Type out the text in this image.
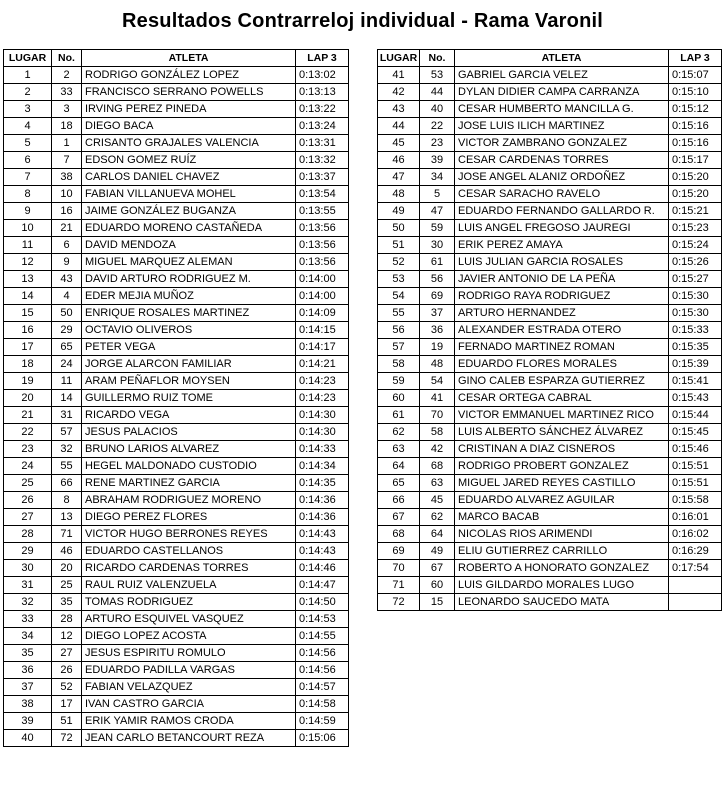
Resultados Contrarreloj individual - Rama Varonil
LUGAR	No.	ATLETA	LAP 3
1	2	RODRIGO GONZÁLEZ LOPEZ	0:13:02
2	33	FRANCISCO SERRANO POWELLS	0:13:13
3	3	IRVING PEREZ PINEDA	0:13:22
4	18	DIEGO BACA	0:13:24
5	1	CRISANTO GRAJALES VALENCIA	0:13:31
6	7	EDSON GOMEZ RUÍZ	0:13:32
7	38	CARLOS DANIEL CHAVEZ	0:13:37
8	10	FABIAN VILLANUEVA MOHEL	0:13:54
9	16	JAIME GONZÁLEZ BUGANZA	0:13:55
10	21	EDUARDO MORENO CASTAÑEDA	0:13:56
11	6	DAVID MENDOZA	0:13:56
12	9	MIGUEL MARQUEZ ALEMAN	0:13:56
13	43	DAVID ARTURO RODRIGUEZ M.	0:14:00
14	4	EDER MEJIA MUÑOZ	0:14:00
15	50	ENRIQUE ROSALES MARTINEZ	0:14:09
16	29	OCTAVIO OLIVEROS	0:14:15
17	65	PETER VEGA	0:14:17
18	24	JORGE ALARCON FAMILIAR	0:14:21
19	11	ARAM PEÑAFLOR MOYSEN	0:14:23
20	14	GUILLERMO RUIZ TOME	0:14:23
21	31	RICARDO VEGA	0:14:30
22	57	JESUS PALACIOS	0:14:30
23	32	BRUNO LARIOS ALVAREZ	0:14:33
24	55	HEGEL MALDONADO CUSTODIO	0:14:34
25	66	RENE MARTINEZ GARCIA	0:14:35
26	8	ABRAHAM RODRIGUEZ MORENO	0:14:36
27	13	DIEGO PEREZ FLORES	0:14:36
28	71	VICTOR HUGO BERRONES REYES	0:14:43
29	46	EDUARDO CASTELLANOS	0:14:43
30	20	RICARDO CARDENAS TORRES	0:14:46
31	25	RAUL RUIZ VALENZUELA	0:14:47
32	35	TOMAS RODRIGUEZ	0:14:50
33	28	ARTURO ESQUIVEL VASQUEZ	0:14:53
34	12	DIEGO LOPEZ ACOSTA	0:14:55
35	27	JESUS ESPIRITU ROMULO	0:14:56
36	26	EDUARDO PADILLA VARGAS	0:14:56
37	52	FABIAN VELAZQUEZ	0:14:57
38	17	IVAN CASTRO GARCIA	0:14:58
39	51	ERIK YAMIR RAMOS CRODA	0:14:59
40	72	JEAN CARLO BETANCOURT REZA	0:15:06
LUGAR	No.	ATLETA	LAP 3
41	53	GABRIEL GARCIA VELEZ	0:15:07
42	44	DYLAN DIDIER CAMPA CARRANZA	0:15:10
43	40	CESAR HUMBERTO MANCILLA G.	0:15:12
44	22	JOSE LUIS ILICH MARTINEZ	0:15:16
45	23	VICTOR ZAMBRANO GONZALEZ	0:15:16
46	39	CESAR CARDENAS TORRES	0:15:17
47	34	JOSE ANGEL ALANIZ ORDOÑEZ	0:15:20
48	5	CESAR SARACHO RAVELO	0:15:20
49	47	EDUARDO FERNANDO GALLARDO R.	0:15:21
50	59	LUIS ANGEL FREGOSO JAUREGI	0:15:23
51	30	ERIK PEREZ AMAYA	0:15:24
52	61	LUIS JULIAN GARCIA ROSALES	0:15:26
53	56	JAVIER ANTONIO DE LA PEÑA	0:15:27
54	69	RODRIGO RAYA RODRIGUEZ	0:15:30
55	37	ARTURO HERNANDEZ	0:15:30
56	36	ALEXANDER ESTRADA OTERO	0:15:33
57	19	FERNADO MARTINEZ ROMAN	0:15:35
58	48	EDUARDO FLORES MORALES	0:15:39
59	54	GINO CALEB ESPARZA GUTIERREZ	0:15:41
60	41	CESAR ORTEGA CABRAL	0:15:43
61	70	VICTOR EMMANUEL MARTINEZ RICO	0:15:44
62	58	LUIS ALBERTO SÁNCHEZ ÁLVAREZ	0:15:45
63	42	CRISTINAN A DIAZ CISNEROS	0:15:46
64	68	RODRIGO PROBERT GONZALEZ	0:15:51
65	63	MIGUEL JARED REYES CASTILLO	0:15:51
66	45	EDUARDO ALVAREZ AGUILAR	0:15:58
67	62	MARCO BACAB	0:16:01
68	64	NICOLAS RIOS ARIMENDI	0:16:02
69	49	ELIU GUTIERREZ CARRILLO	0:16:29
70	67	ROBERTO A HONORATO GONZALEZ	0:17:54
71	60	LUIS GILDARDO MORALES LUGO	
72	15	LEONARDO SAUCEDO MATA	
